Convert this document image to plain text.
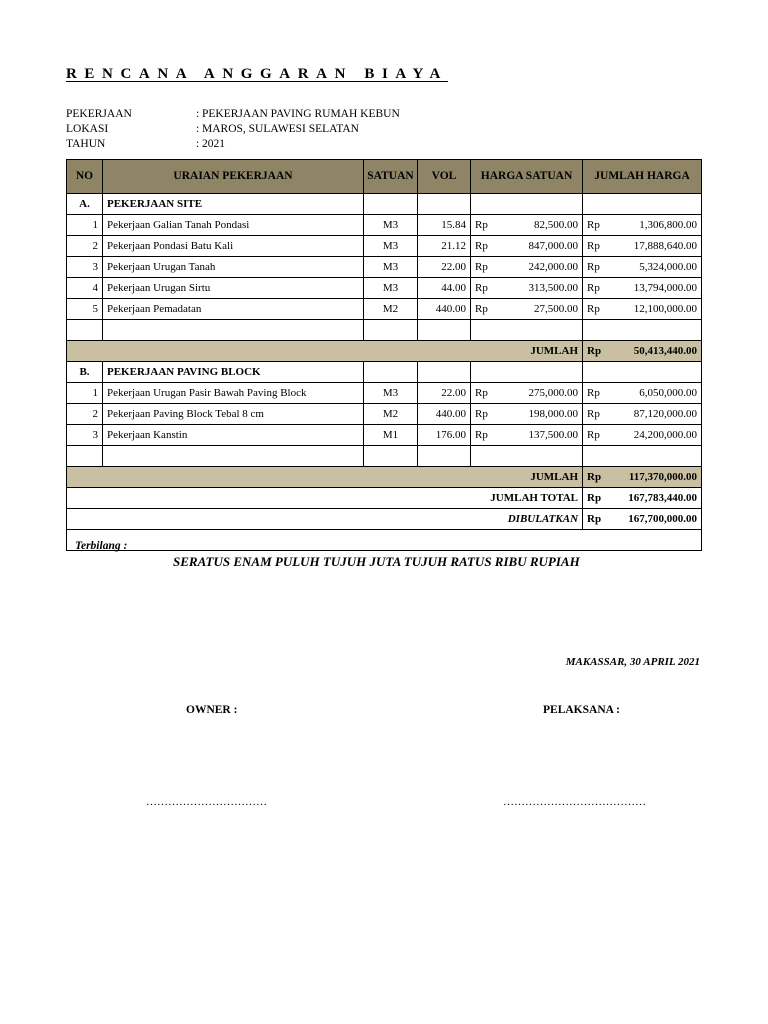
RENCANA ANGGARAN BIAYA
PEKERJAAN	: PEKERJAAN PAVING RUMAH KEBUN
LOKASI	: MAROS, SULAWESI SELATAN
TAHUN	: 2021
NO	URAIAN PEKERJAAN	SATUAN	VOL	HARGA SATUAN		JUMLAH HARGA	
A.	PEKERJAAN SITE						
1	Pekerjaan Galian Tanah Pondasi	M3	15.84	Rp	82,500.00	Rp	1,306,800.00
2	Pekerjaan Pondasi Batu Kali	M3	21.12	Rp	847,000.00	Rp	17,888,640.00
3	Pekerjaan Urugan Tanah	M3	22.00	Rp	242,000.00	Rp	5,324,000.00
4	Pekerjaan Urugan Sirtu	M3	44.00	Rp	313,500.00	Rp	13,794,000.00
5	Pekerjaan Pemadatan	M2	440.00	Rp	27,500.00	Rp	12,100,000.00

JUMLAH						Rp	50,413,440.00
B.	PEKERJAAN PAVING BLOCK						
1	Pekerjaan Urugan Pasir Bawah Paving Block	M3	22.00	Rp	275,000.00	Rp	6,050,000.00
2	Pekerjaan Paving Block Tebal 8 cm	M2	440.00	Rp	198,000.00	Rp	87,120,000.00
3	Pekerjaan Kanstin	M1	176.00	Rp	137,500.00	Rp	24,200,000.00

JUMLAH						Rp	117,370,000.00
JUMLAH TOTAL						Rp	167,783,440.00
DIBULATKAN						Rp	167,700,000.00

Terbilang :
SERATUS ENAM PULUH TUJUH JUTA TUJUH RATUS RIBU RUPIAH							
MAKASSAR, 30 APRIL 2021
OWNER :	PELAKSANA :
……………………………	…………………………………
